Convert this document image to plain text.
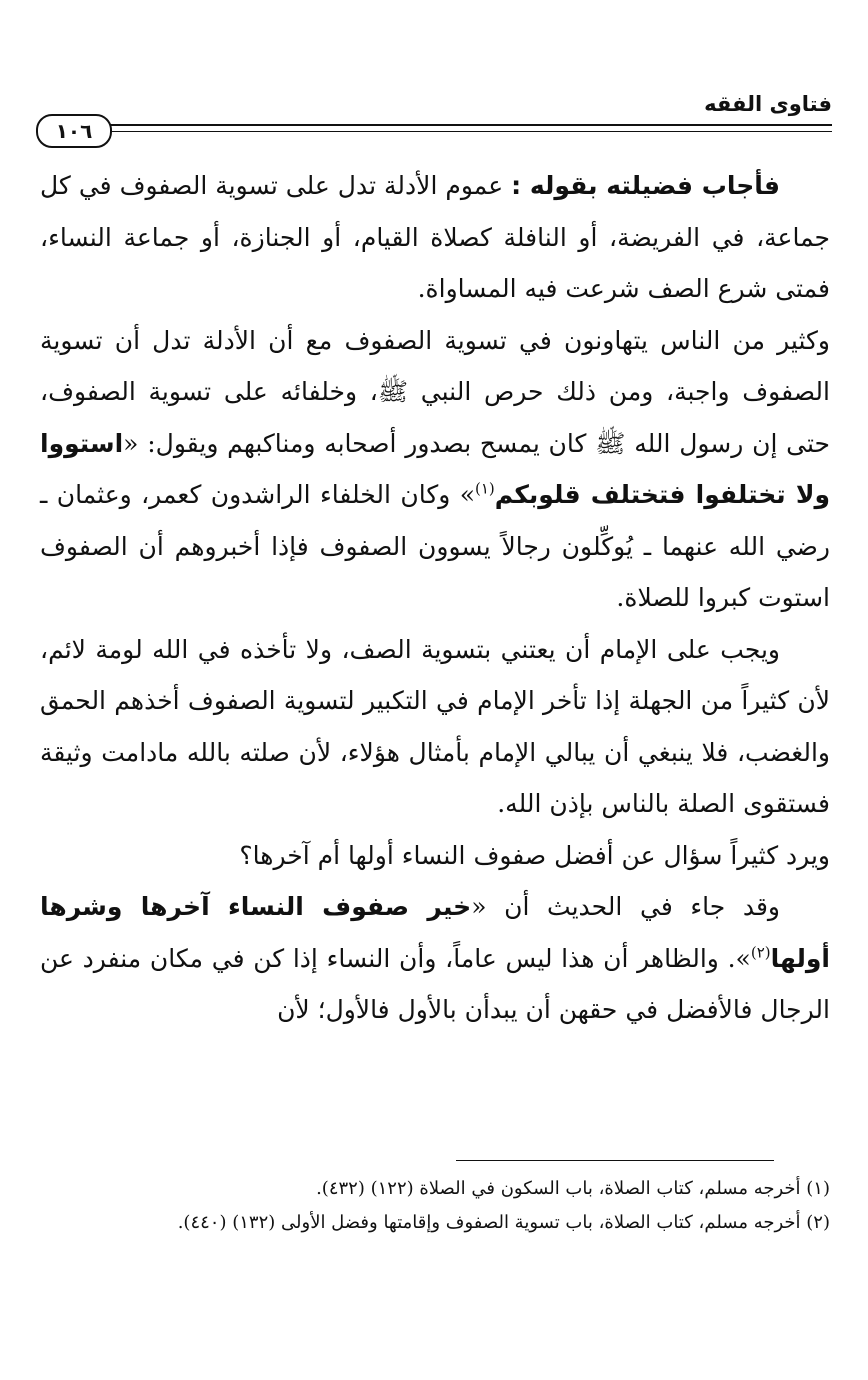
فتاوى الفقه
١٠٦

فأجاب فضيلته بقوله : عموم الأدلة تدل على تسوية الصفوف في كل جماعة، في الفريضة، أو النافلة كصلاة القيام، أو الجنازة، أو جماعة النساء، فمتى شرع الصف شرعت فيه المساواة.

وكثير من الناس يتهاونون في تسوية الصفوف مع أن الأدلة تدل أن تسوية الصفوف واجبة، ومن ذلك حرص النبي ﷺ، وخلفائه على تسوية الصفوف، حتى إن رسول الله ﷺ كان يمسح بصدور أصحابه ومناكبهم ويقول: «استووا ولا تختلفوا فتختلف قلوبكم$^{(١)}$» وكان الخلفاء الراشدون كعمر، وعثمان ـ رضي الله عنهما ـ يُوكِّلون رجالاً يسوون الصفوف فإذا أخبروهم أن الصفوف استوت كبروا للصلاة.

ويجب على الإمام أن يعتني بتسوية الصف، ولا تأخذه في الله لومة لائم، لأن كثيراً من الجهلة إذا تأخر الإمام في التكبير لتسوية الصفوف أخذهم الحمق والغضب، فلا ينبغي أن يبالي الإمام بأمثال هؤلاء، لأن صلته بالله مادامت وثيقة فستقوى الصلة بالناس بإذن الله.

ويرد كثيراً سؤال عن أفضل صفوف النساء أولها أم آخرها؟

وقد جاء في الحديث أن «خير صفوف النساء آخرها وشرها أولها$^{(٢)}$». والظاهر أن هذا ليس عاماً، وأن النساء إذا كن في مكان منفرد عن الرجال فالأفضل في حقهن أن يبدأن بالأول فالأول؛ لأن

(١) أخرجه مسلم، كتاب الصلاة، باب السكون في الصلاة (١٢٢) (٤٣٢).

(٢) أخرجه مسلم، كتاب الصلاة، باب تسوية الصفوف وإقامتها وفضل الأولى (١٣٢) (٤٤٠).
